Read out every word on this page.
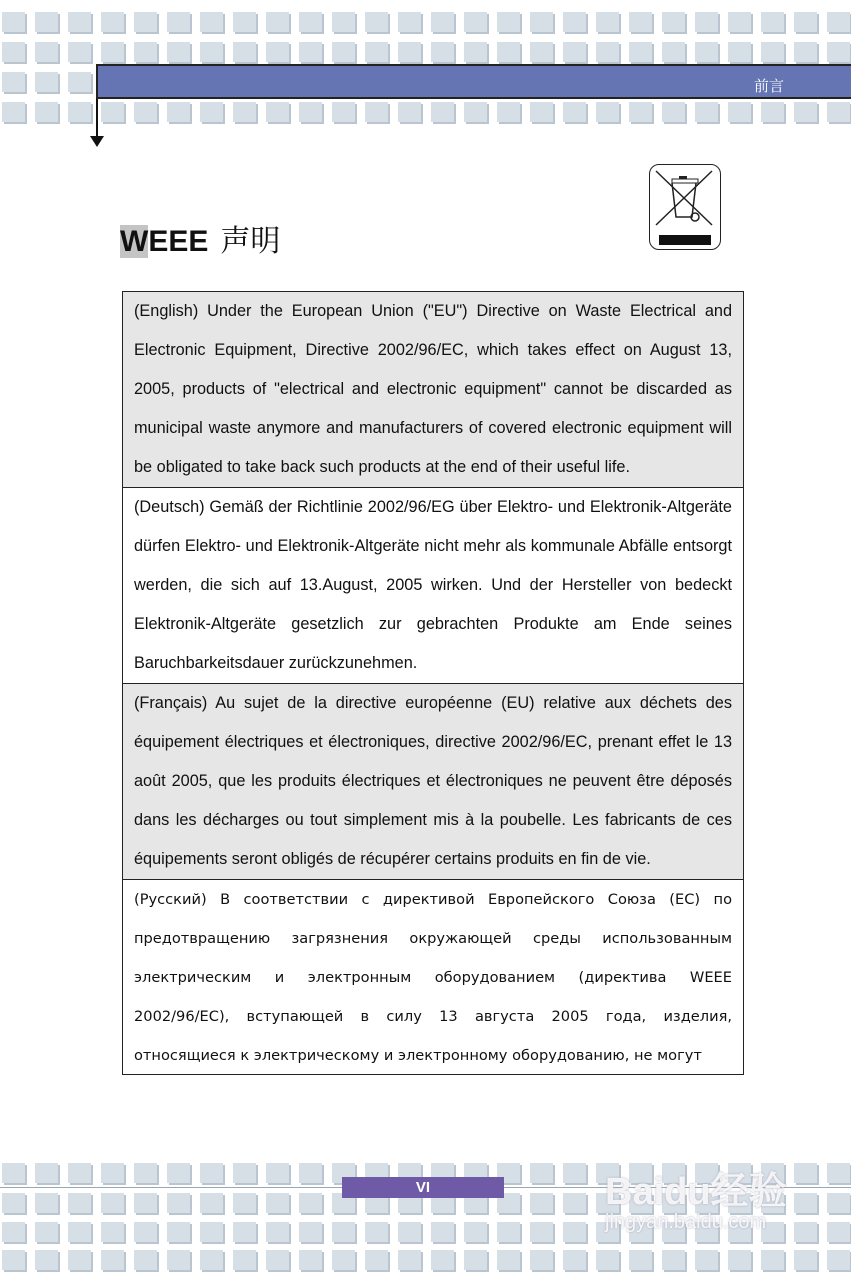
前言
WEEE 声明
(English) Under the European Union ("EU") Directive on Waste Electrical and Electronic Equipment, Directive 2002/96/EC, which takes effect on August 13, 2005, products of "electrical and electronic equipment" cannot be discarded as municipal waste anymore and manufacturers of covered electronic equipment will be obligated to take back such products at the end of their useful life.
(Deutsch) Gemäß der Richtlinie 2002/96/EG über Elektro- und Elektronik-Altgeräte dürfen Elektro- und Elektronik-Altgeräte nicht mehr als kommunale Abfälle entsorgt werden, die sich auf 13.August, 2005 wirken. Und der Hersteller von bedeckt Elektronik-Altgeräte gesetzlich zur gebrachten Produkte am Ende seines Baruchbarkeitsdauer zurückzunehmen.
(Français) Au sujet de la directive européenne (EU) relative aux déchets des équipement électriques et électroniques, directive 2002/96/EC, prenant effet le 13 août 2005, que les produits électriques et électroniques ne peuvent être déposés dans les décharges ou tout simplement mis à la poubelle. Les fabricants de ces équipements seront obligés de récupérer certains produits en fin de vie.
(Русский) В соответствии с директивой Европейского Союза (ЕС) по предотвращению загрязнения окружающей среды использованным электрическим и электронным оборудованием (директива WEEE 2002/96/EC), вступающей в силу 13 августа 2005 года, изделия, относящиеся к электрическому и электронному оборудованию, не могут
VI	Baidu经验
jingyan.baidu.com
